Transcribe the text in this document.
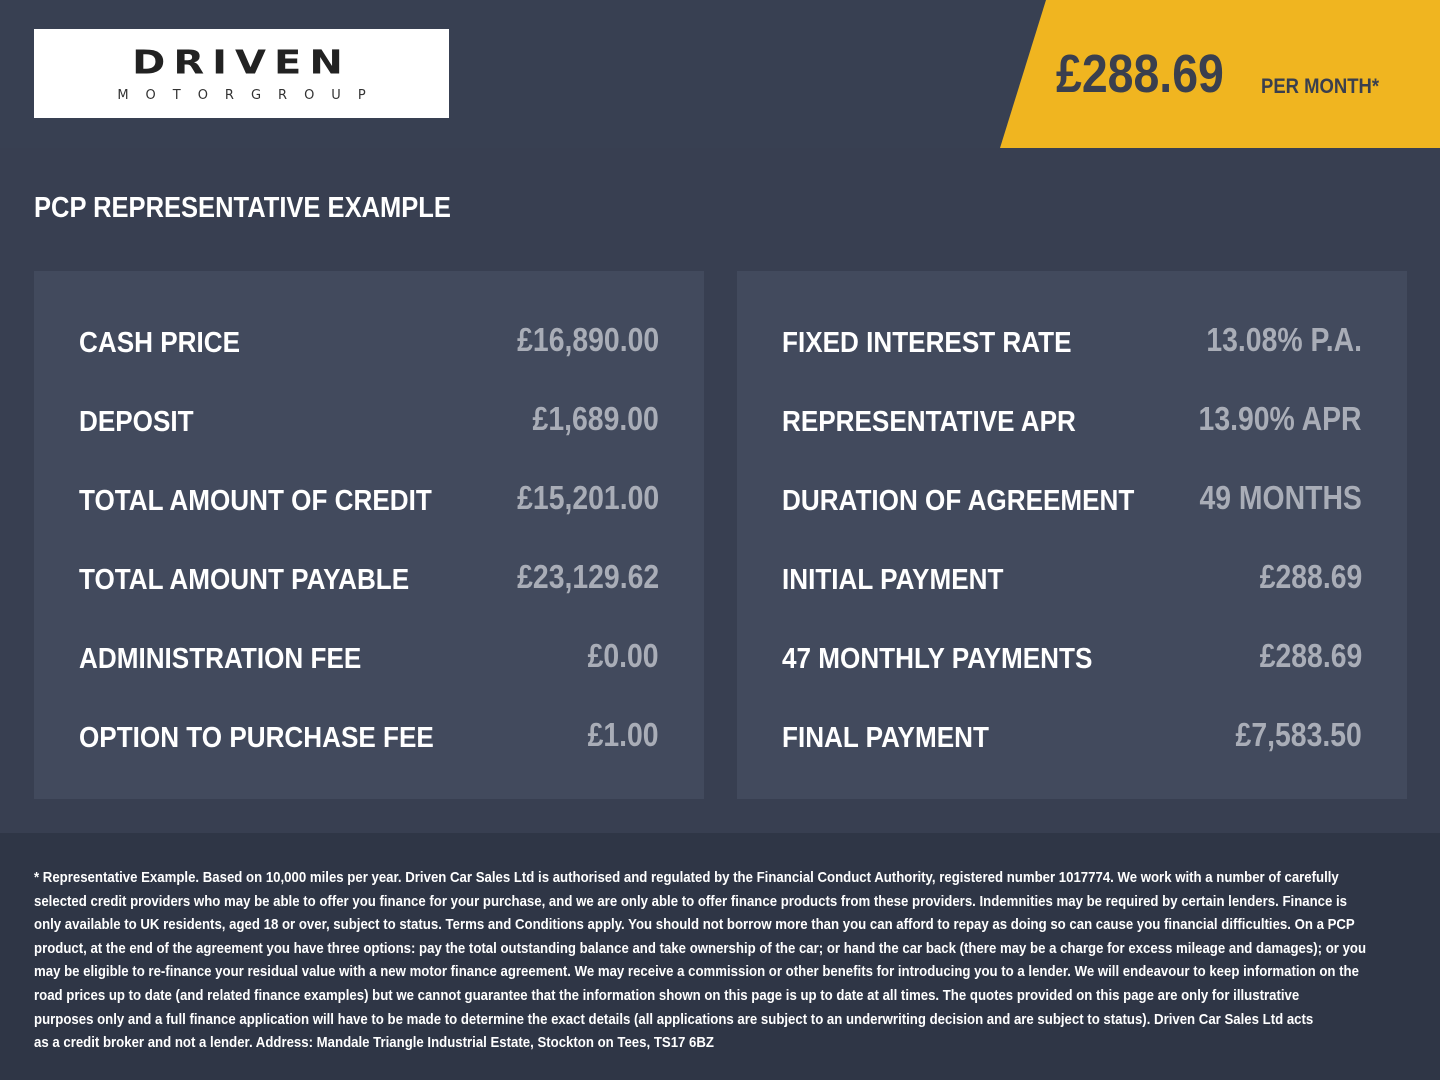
DRIVEN
MOTORGROUP	£288.69 PER MONTH*
PCP REPRESENTATIVE EXAMPLE
CASH PRICE	£16,890.00
DEPOSIT	£1,689.00
TOTAL AMOUNT OF CREDIT	£15,201.00
TOTAL AMOUNT PAYABLE	£23,129.62
ADMINISTRATION FEE	£0.00
OPTION TO PURCHASE FEE	£1.00
FIXED INTEREST RATE	13.08% P.A.
REPRESENTATIVE APR	13.90% APR
DURATION OF AGREEMENT 49 MONTHS
INITIAL PAYMENT	£288.69
47 MONTHLY PAYMENTS	£288.69
FINAL PAYMENT	£7,583.50
* Representative Example. Based on 10,000 miles per year. Driven Car Sales Ltd is authorised and regulated by the Financial Conduct Authority, registered number 1017774. We work with a number of carefully
selected credit providers who may be able to offer you finance for your purchase, and we are only able to offer finance products from these providers. Indemnities may be required by certain lenders. Finance is
only available to UK residents, aged 18 or over, subject to status. Terms and Conditions apply. You should not borrow more than you can afford to repay as doing so can cause you financial difficulties. On a PCP
product, at the end of the agreement you have three options: pay the total outstanding balance and take ownership of the car; or hand the car back (there may be a charge for excess mileage and damages); or you
may be eligible to re-finance your residual value with a new motor finance agreement. We may receive a commission or other benefits for introducing you to a lender. We will endeavour to keep information on the
road prices up to date (and related finance examples) but we cannot guarantee that the information shown on this page is up to date at all times. The quotes provided on this page are only for illustrative
purposes only and a full finance application will have to be made to determine the exact details (all applications are subject to an underwriting decision and are subject to status). Driven Car Sales Ltd acts
as a credit broker and not a lender. Address: Mandale Triangle Industrial Estate, Stockton on Tees, TS17 6BZ
